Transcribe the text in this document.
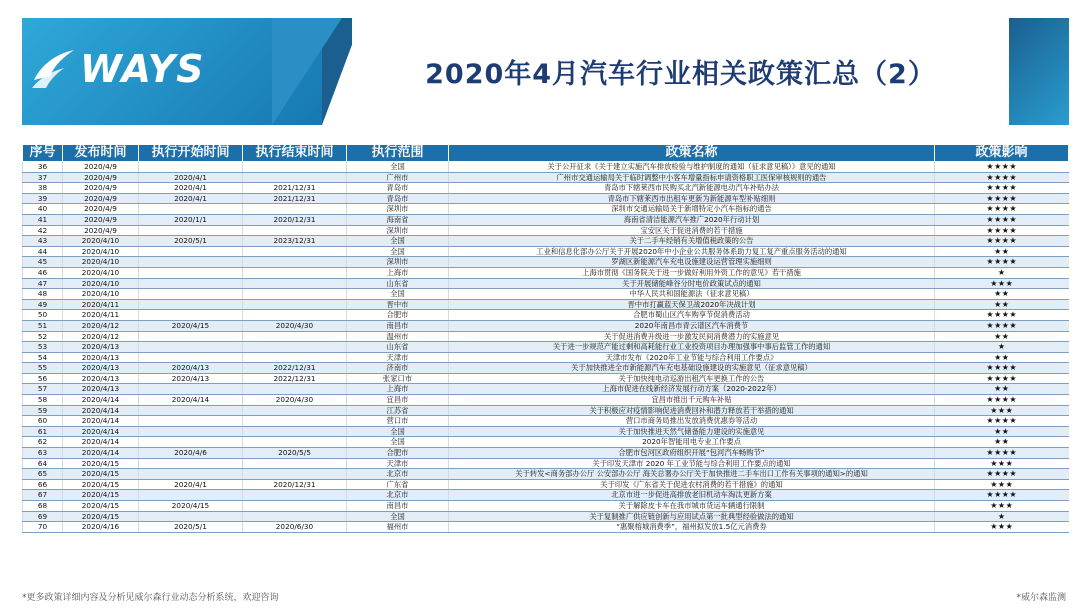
WAYS	2020年4月汽车行业相关政策汇总（2）
序号	发布时间	执行开始时间	执行结束时间	执行范围	政策名称	政策影响
36	2020/4/9			全国	关于公开征求《关于建立实施汽车排放检验与维护制度的通知（征求意见稿）》意见的通知	★★★★
37	2020/4/9	2020/4/1		广州市	广州市交通运输局关于临时调整中小客车增量指标申请资格职工医保审核规则的通告	★★★★
38	2020/4/9	2020/4/1	2021/12/31	青岛市	青岛市下辖莱西市民购买北汽新能源电动汽车补贴办法	★★★★
39	2020/4/9	2020/4/1	2021/12/31	青岛市	青岛市下辖莱西市出租车更新为新能源车型补贴细则	★★★★
40	2020/4/9			深圳市	深圳市交通运输局关于新增特定小汽车指标的通告	★★★★
41	2020/4/9	2020/1/1	2020/12/31	海南省	海南省清洁能源汽车推广2020年行动计划	★★★★
42	2020/4/9			深圳市	宝安区关于促进消费的若干措施	★★★★
43	2020/4/10	2020/5/1	2023/12/31	全国	关于二手车经销有关增值税政策的公告	★★★★
44	2020/4/10			全国	工业和信息化部办公厅关于开展2020年中小企业公共服务体系助力复工复产重点服务活动的通知	★★
45	2020/4/10			深圳市	罗湖区新能源汽车充电设施建设运营管理实施细则	★★★★
46	2020/4/10			上海市	上海市贯彻《国务院关于进一步做好利用外资工作的意见》若干措施	★
47	2020/4/10			山东省	关于开展储能峰谷分时电价政策试点的通知	★★★
48	2020/4/10			全国	中华人民共和国能源法（征求意见稿）	★★
49	2020/4/11			晋中市	晋中市打赢蓝天保卫战2020年决战计划	★★
50	2020/4/11			合肥市	合肥市蜀山区汽车购享节促消费活动	★★★★
51	2020/4/12	2020/4/15	2020/4/30	南昌市	2020年南昌市青云谱区汽车消费节	★★★★
52	2020/4/12			温州市	关于促进消费升级进一步激发民间消费潜力的实施意见	★★
53	2020/4/13			山东省	关于进一步规范产能过剩和高耗能行业工业投资项目办理加强事中事后监管工作的通知	★
54	2020/4/13			天津市	天津市发布《2020年工业节能与综合利用工作要点》	★★
55	2020/4/13	2020/4/13	2022/12/31	济南市	关于加快推进全市新能源汽车充电基础设施建设的实施意见（征求意见稿）	★★★★
56	2020/4/13	2020/4/13	2022/12/31	张家口市	关于加快纯电动巡游出租汽车更换工作的公告	★★★★
57	2020/4/13			上海市	上海市促进在线新经济发展行动方案（2020-2022年）	★★
58	2020/4/14	2020/4/14	2020/4/30	宜昌市	宜昌市推出千元购车补贴	★★★★
59	2020/4/14			江苏省	关于积极应对疫情影响促进消费回补和潜力释放若干举措的通知	★★★
60	2020/4/14			营口市	营口市商务局推出发放消费优惠券等活动	★★★★
61	2020/4/14			全国	关于加快推进天然气储备能力建设的实施意见	★★
62	2020/4/14			全国	2020年智能用电专业工作要点	★★
63	2020/4/14	2020/4/6	2020/5/5	合肥市	合肥市包河区政府组织开展“包河汽车畅购节”	★★★★
64	2020/4/15			天津市	关于印发天津市 2020 年工业节能与综合利用工作要点的通知	★★★
65	2020/4/15			北京市	关于转发<商务部办公厅 公安部办公厅 海关总署办公厅关于加快推进二手车出口工作有关事项的通知>的通知	★★★★
66	2020/4/15	2020/4/1	2020/12/31	广东省	关于印发《广东省关于促进农村消费的若干措施》的通知	★★★
67	2020/4/15			北京市	北京市进一步促进高排放老旧机动车淘汰更新方案	★★★★
68	2020/4/15	2020/4/15		南昌市	关于解除皮卡车在我市城市货运车辆通行限制	★★★
69	2020/4/15			全国	关于复制推广供应链创新与应用试点第一批典型经验做法的通知	★
70	2020/4/16	2020/5/1	2020/6/30	福州市	“惠聚榕城消费季”，福州拟发放1.5亿元消费券	★★★
*更多政策详细内容及分析见威尔森行业动态分析系统，欢迎咨询	*威尔森监测
